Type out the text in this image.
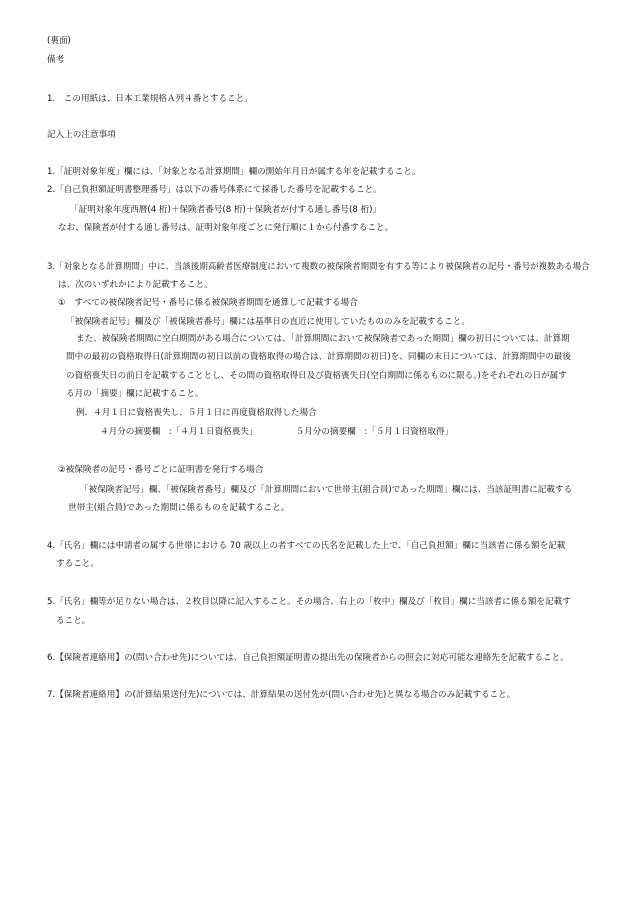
(裏面)
備考
1.　この用紙は、日本工業規格Ａ列４番とすること。
記入上の注意事項
1.「証明対象年度」欄には、「対象となる計算期間」欄の開始年月日が属する年を記載すること。
2.「自己負担額証明書整理番号」は以下の番号体系にて採番した番号を記載すること。
「証明対象年度西暦(4 桁)＋保険者番号(8 桁)＋保険者が付する通し番号(8 桁)」
なお、保険者が付する通し番号は、証明対象年度ごとに発行順に１から付番すること。
3.「対象となる計算期間」中に、当該後期高齢者医療制度において複数の被保険者期間を有する等により被保険者の記号・番号が複数ある場合
は、次のいずれかにより記載すること。
①　すべての被保険者記号・番号に係る被保険者期間を通算して記載する場合
「被保険者記号」欄及び「被保険者番号」欄には基準日の直近に使用していたもののみを記載すること。
また、被保険者期間に空白期間がある場合については、「計算期間において被保険者であった期間」欄の初日については、計算期
間中の最初の資格取得日(計算期間の初日以前の資格取得の場合は、計算期間の初日)を、同欄の末日については、計算期間中の最後
の資格喪失日の前日を記載することとし、その間の資格取得日及び資格喪失日(空白期間に係るものに限る。)をそれぞれの日が属す
る月の「摘要」欄に記載すること。
例．４月１日に資格喪失し、５月１日に再度資格取得した場合
４月分の摘要欄　:「４月１日資格喪失」	５月分の摘要欄　:「５月１日資格取得」
②被保険者の記号・番号ごとに証明書を発行する場合
「被保険者記号」欄、「被保険者番号」欄及び「計算期間において世帯主(組合員)であった期間」欄には、当該証明書に記載する
世帯主(組合員)であった期間に係るものを記載すること。
4.「氏名」欄には申請者の属する世帯における 70 歳以上の者すべての氏名を記載した上で、「自己負担額」欄に当該者に係る額を記載
すること。
5.「氏名」欄等が足りない場合は、２枚目以降に記入すること。その場合、右上の「枚中」欄及び「枚目」欄に当該者に係る額を記載す
ること。
6.【保険者連絡用】の(問い合わせ先)については、自己負担額証明書の提出先の保険者からの照会に対応可能な連絡先を記載すること。
7.【保険者連絡用】の(計算結果送付先)については、計算結果の送付先が(問い合わせ先)と異なる場合のみ記載すること。
